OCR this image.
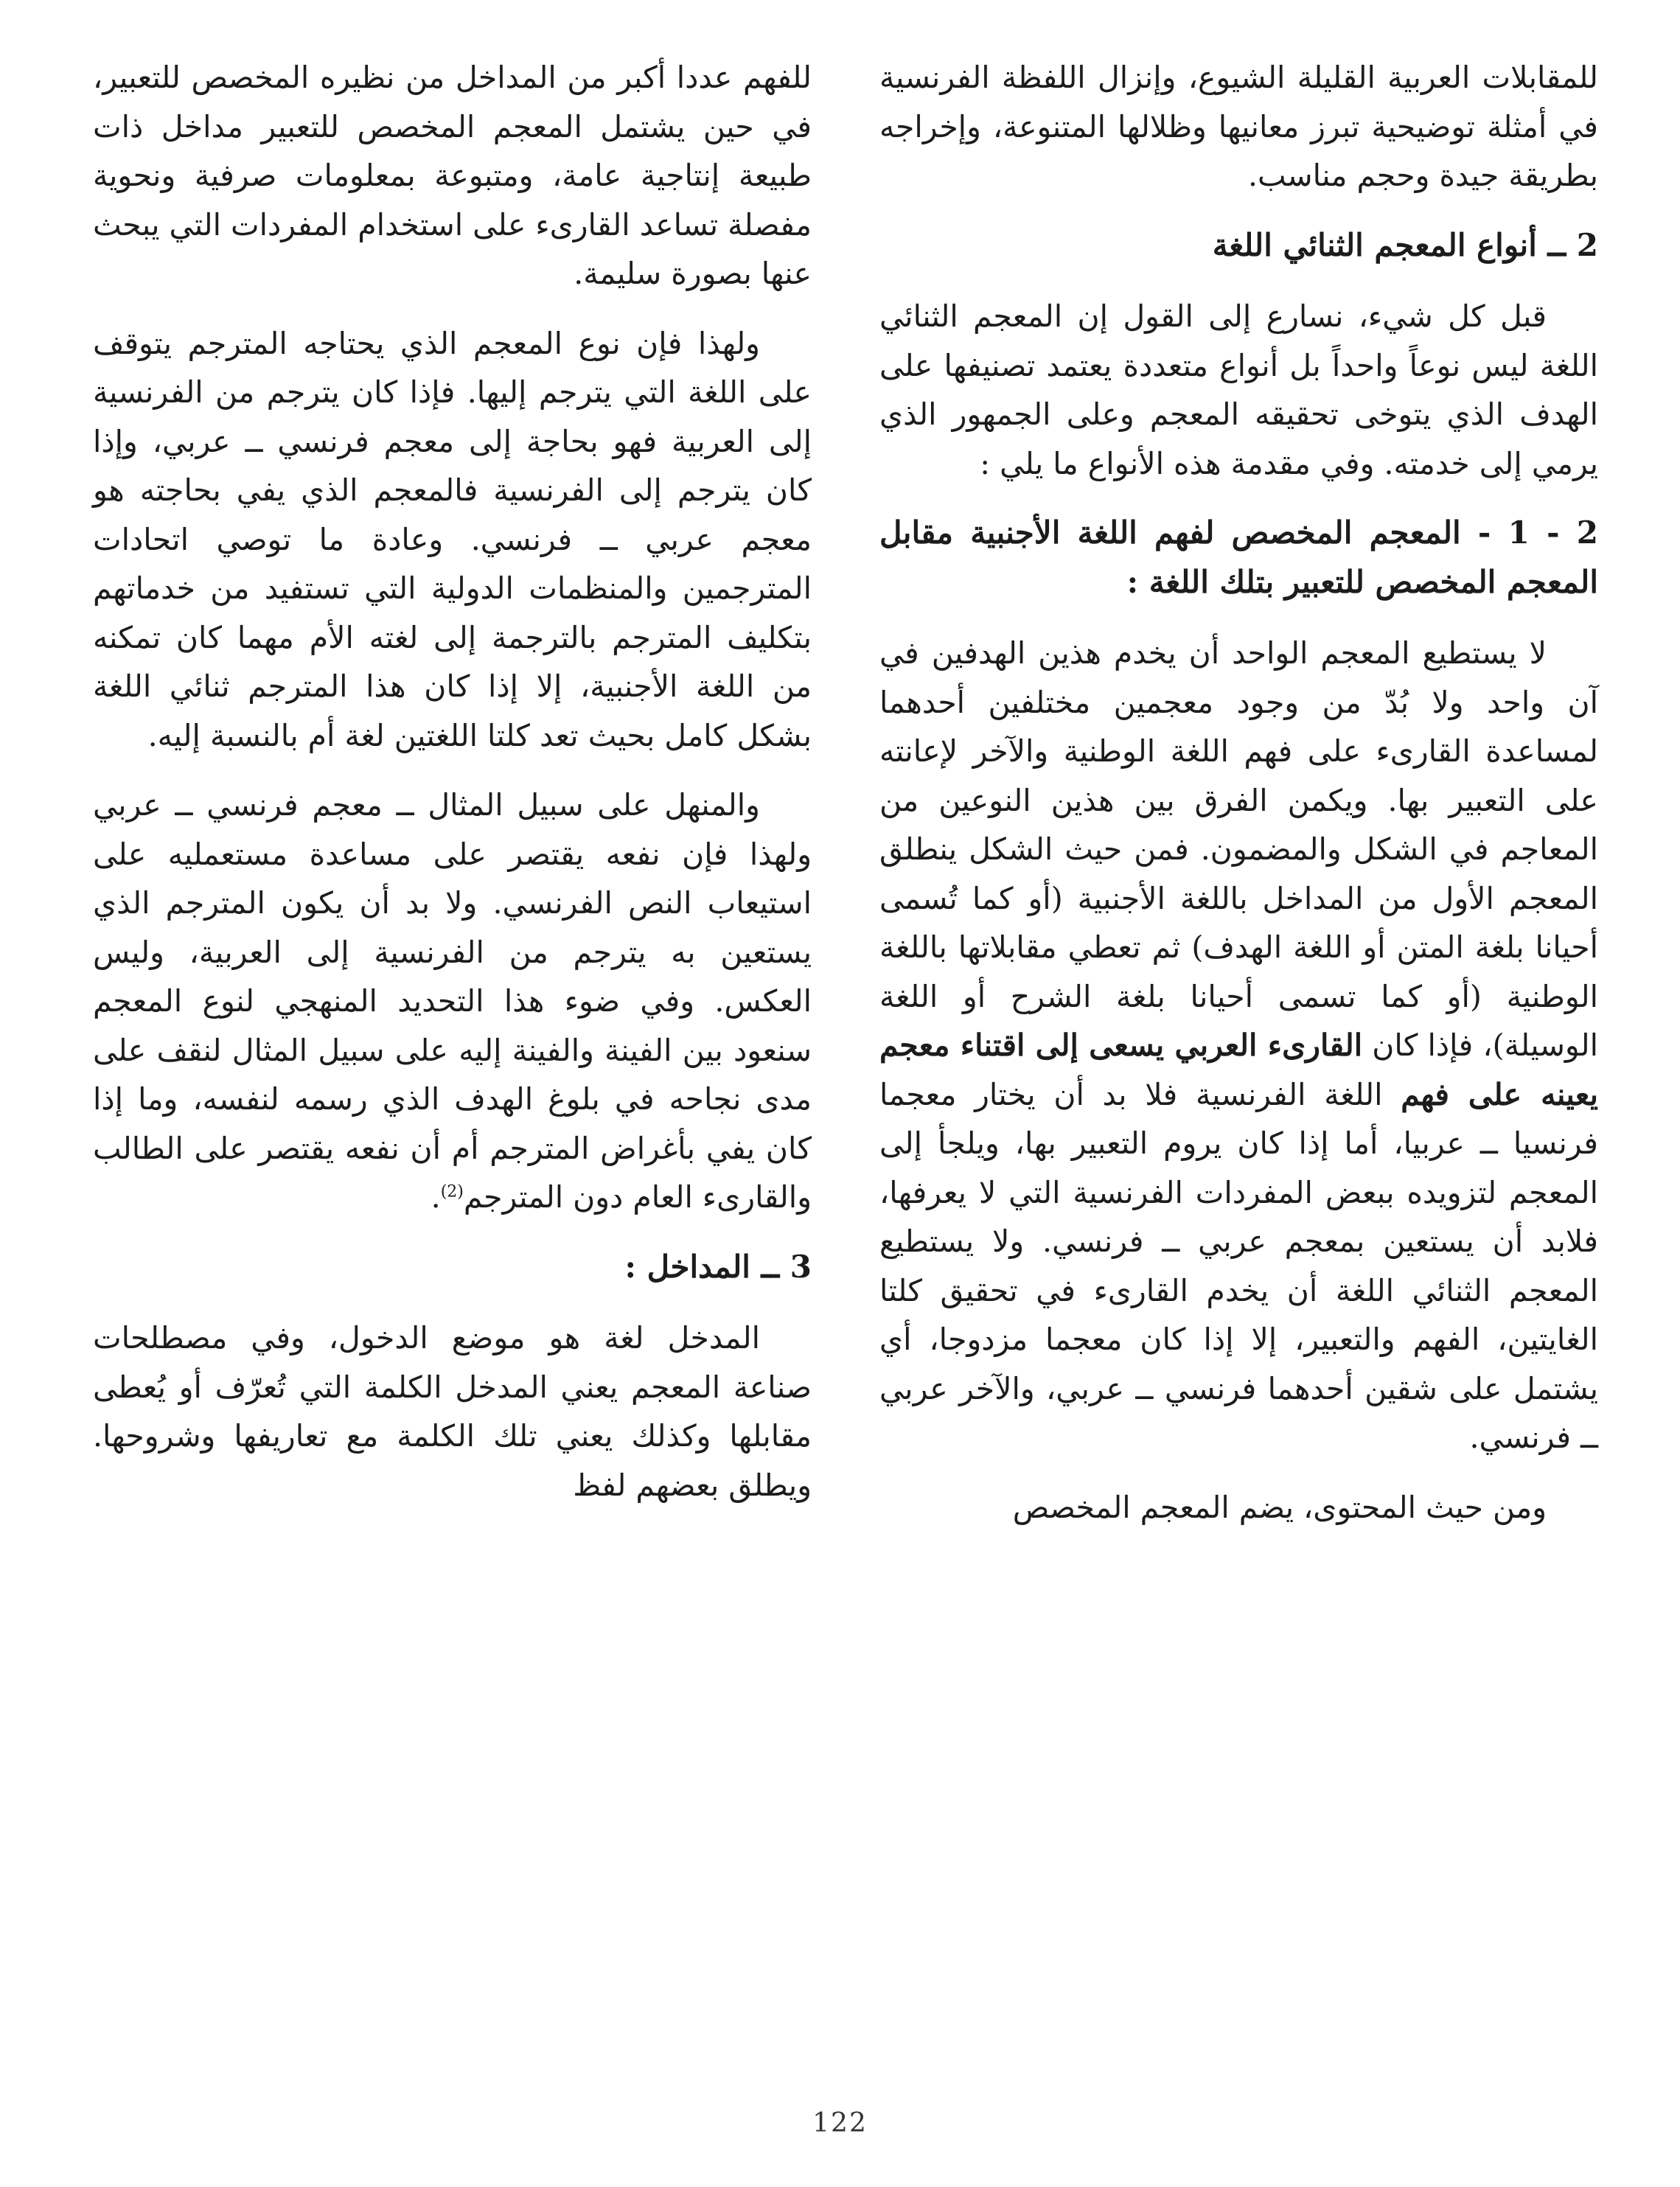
للمقابلات العربية القليلة الشيوع، وإنزال اللفظة الفرنسية في أمثلة توضيحية تبرز معانيها وظلالها المتنوعة، وإخراجه بطريقة جيدة وحجم مناسب.

2 ــ أنواع المعجم الثنائي اللغة

قبل كل شيء، نسارع إلى القول إن المعجم الثنائي اللغة ليس نوعاً واحداً بل أنواع متعددة يعتمد تصنيفها على الهدف الذي يتوخى تحقيقه المعجم وعلى الجمهور الذي يرمي إلى خدمته. وفي مقدمة هذه الأنواع ما يلي :

2 - 1 - المعجم المخصص لفهم اللغة الأجنبية مقابل المعجم المخصص للتعبير بتلك اللغة :

لا يستطيع المعجم الواحد أن يخدم هذين الهدفين في آن واحد ولا بُدّ من وجود معجمين مختلفين أحدهما لمساعدة القارىء على فهم اللغة الوطنية والآخر لإعانته على التعبير بها. ويكمن الفرق بين هذين النوعين من المعاجم في الشكل والمضمون. فمن حيث الشكل ينطلق المعجم الأول من المداخل باللغة الأجنبية (أو كما تُسمى أحيانا بلغة المتن أو اللغة الهدف) ثم تعطي مقابلاتها باللغة الوطنية (أو كما تسمى أحيانا بلغة الشرح أو اللغة الوسيلة)، فإذا كان القارىء العربي يسعى إلى اقتناء معجم يعينه على فهم اللغة الفرنسية فلا بد أن يختار معجما فرنسيا ــ عربيا، أما إذا كان يروم التعبير بها، ويلجأ إلى المعجم لتزويده ببعض المفردات الفرنسية التي لا يعرفها، فلابد أن يستعين بمعجم عربي ــ فرنسي. ولا يستطيع المعجم الثنائي اللغة أن يخدم القارىء في تحقيق كلتا الغايتين، الفهم والتعبير، إلا إذا كان معجما مزدوجا، أي يشتمل على شقين أحدهما فرنسي ــ عربي، والآخر عربي ــ فرنسي.

ومن حيث المحتوى، يضم المعجم المخصص

للفهم عددا أكبر من المداخل من نظيره المخصص للتعبير، في حين يشتمل المعجم المخصص للتعبير مداخل ذات طبيعة إنتاجية عامة، ومتبوعة بمعلومات صرفية ونحوية مفصلة تساعد القارىء على استخدام المفردات التي يبحث عنها بصورة سليمة.

ولهذا فإن نوع المعجم الذي يحتاجه المترجم يتوقف على اللغة التي يترجم إليها. فإذا كان يترجم من الفرنسية إلى العربية فهو بحاجة إلى معجم فرنسي ــ عربي، وإذا كان يترجم إلى الفرنسية فالمعجم الذي يفي بحاجته هو معجم عربي ــ فرنسي. وعادة ما توصي اتحادات المترجمين والمنظمات الدولية التي تستفيد من خدماتهم بتكليف المترجم بالترجمة إلى لغته الأم مهما كان تمكنه من اللغة الأجنبية، إلا إذا كان هذا المترجم ثنائي اللغة بشكل كامل بحيث تعد كلتا اللغتين لغة أم بالنسبة إليه.

والمنهل على سبيل المثال ــ معجم فرنسي ــ عربي ولهذا فإن نفعه يقتصر على مساعدة مستعمليه على استيعاب النص الفرنسي. ولا بد أن يكون المترجم الذي يستعين به يترجم من الفرنسية إلى العربية، وليس العكس. وفي ضوء هذا التحديد المنهجي لنوع المعجم سنعود بين الفينة والفينة إليه على سبيل المثال لنقف على مدى نجاحه في بلوغ الهدف الذي رسمه لنفسه، وما إذا كان يفي بأغراض المترجم أم أن نفعه يقتصر على الطالب والقارىء العام دون المترجم$^{(2)}$.

3 ــ المداخل :

المدخل لغة هو موضع الدخول، وفي مصطلحات صناعة المعجم يعني المدخل الكلمة التي تُعرّف أو يُعطى مقابلها وكذلك يعني تلك الكلمة مع تعاريفها وشروحها. ويطلق بعضهم لفظ

122
